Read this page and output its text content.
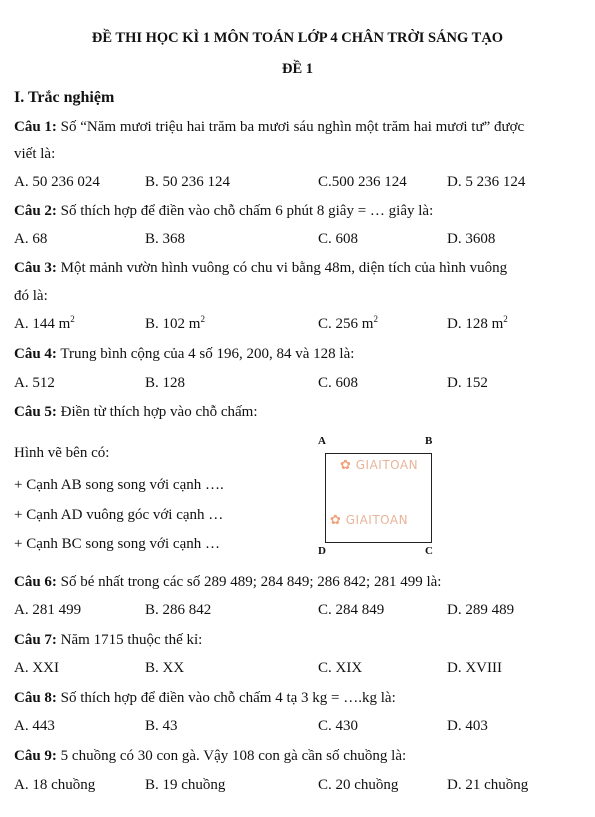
ĐỀ THI HỌC KÌ 1 MÔN TOÁN LỚP 4 CHÂN TRỜI SÁNG TẠO
ĐỀ 1
I. Trắc nghiệm
Câu 1: Số “Năm mươi triệu hai trăm ba mươi sáu nghìn một trăm hai mươi tư” được
viết là:
A. 50 236 024	B. 50 236 124	C.500 236 124	D. 5 236 124
Câu 2: Số thích hợp để điền vào chỗ chấm 6 phút 8 giây = … giây là:
A. 68	B. 368	C. 608	D. 3608
Câu 3: Một mảnh vườn hình vuông có chu vi bằng 48m, diện tích của hình vuông
đó là:
A. 144 $m^2$	B. 102 $m^2$	C. 256 $m^2$	D. 128 $m^2$
Câu 4: Trung bình cộng của 4 số 196, 200, 84 và 128 là:
A. 512	B. 128	C. 608	D. 152
Câu 5: Điền từ thích hợp vào chỗ chấm:
Hình vẽ bên có:
+ Cạnh AB song song với cạnh ….
+ Cạnh AD vuông góc với cạnh …
+ Cạnh BC song song với cạnh …
A	B
C
D
✿ GIAITOAN
✿ GIAITOAN
Câu 6: Số bé nhất trong các số 289 489; 284 849; 286 842; 281 499 là:
A. 281 499	B. 286 842	C. 284 849	D. 289 489
Câu 7: Năm 1715 thuộc thế kỉ:
A. XXI	B. XX	C. XIX	D. XVIII
Câu 8: Số thích hợp để điền vào chỗ chấm 4 tạ 3 kg = ….kg là:
A. 443	B. 43	C. 430	D. 403
Câu 9: 5 chuồng có 30 con gà. Vậy 108 con gà cần số chuồng là:
A. 18 chuồng	B. 19 chuồng	C. 20 chuồng	D. 21 chuồng
